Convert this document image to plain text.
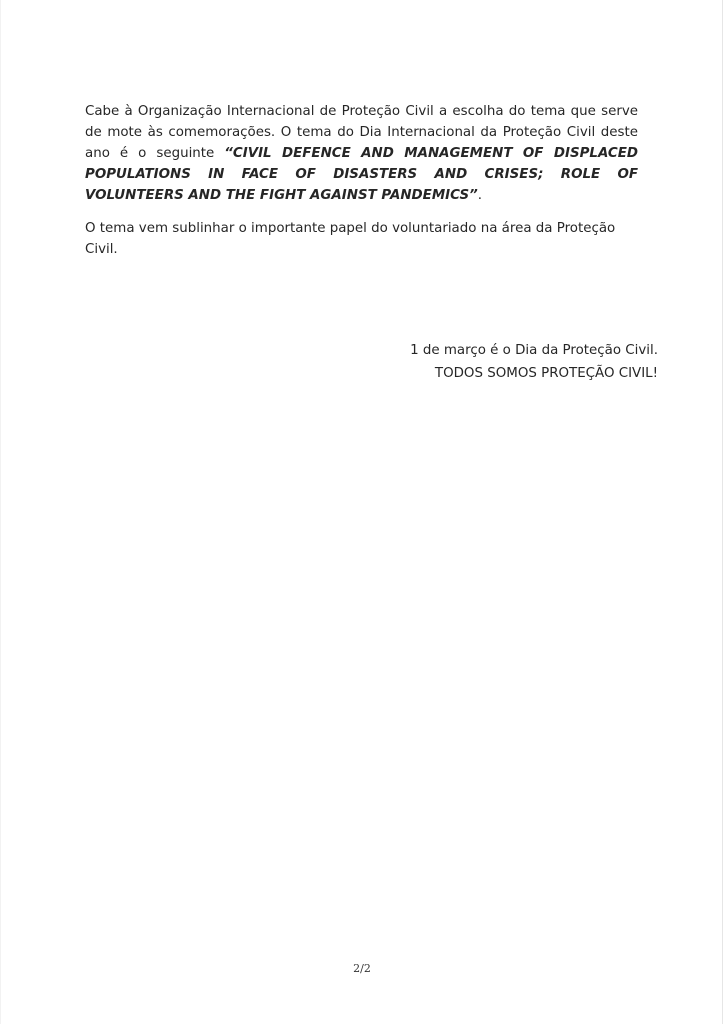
Cabe à Organização Internacional de Proteção Civil a escolha do tema que serve de mote às comemorações. O tema do Dia Internacional da Proteção Civil deste ano é o seguinte “CIVIL DEFENCE AND MANAGEMENT OF DISPLACED POPULATIONS IN FACE OF DISASTERS AND CRISES; ROLE OF VOLUNTEERS AND THE FIGHT AGAINST PANDEMICS”.

O tema vem sublinhar o importante papel do voluntariado na área da Proteção Civil.

1 de março é o Dia da Proteção Civil.
TODOS SOMOS PROTEÇÃO CIVIL!
2/2
